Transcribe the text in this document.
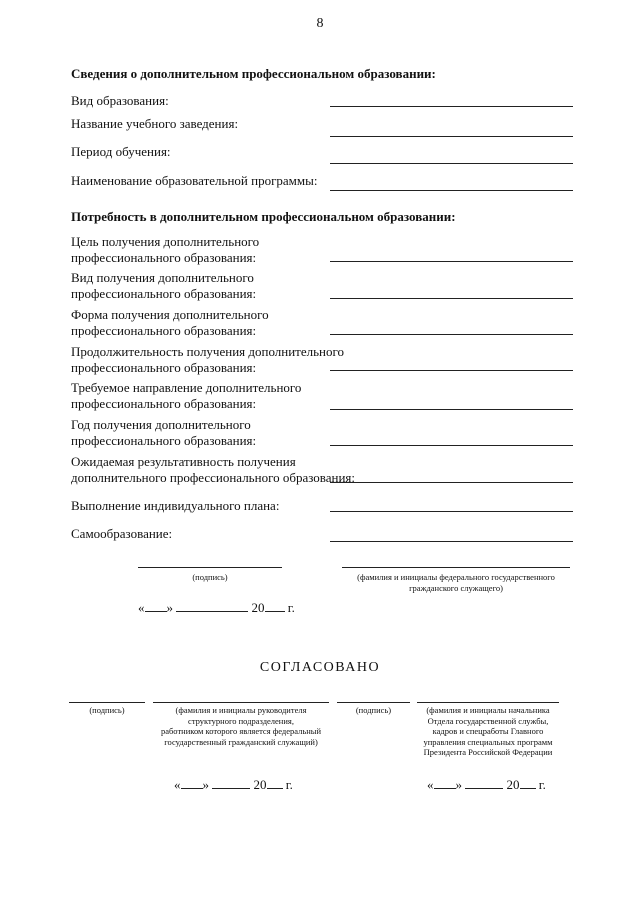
8
Сведения о дополнительном профессиональном образовании:
Вид образования:
Название учебного заведения:
Период обучения:
Наименование образовательной программы:
Потребность в дополнительном профессиональном образовании:
Цель получения дополнительного
профессионального образования:
Вид получения дополнительного
профессионального образования:
Форма получения дополнительного
профессионального образования:
Продолжительность получения дополнительного
профессионального образования:
Требуемое направление дополнительного
профессионального образования:
Год получения дополнительного
профессионального образования:
Ожидаемая результативность получения
дополнительного профессионального образования:
Выполнение индивидуального плана:
Самообразование:
(подпись)	(фамилия и инициалы федерального государственного
гражданского служащего)
« »	20 г.
СОГЛАСОВАНО
(подпись)	(фамилия и инициалы руководителя
структурного подразделения,
работником которого является федеральный
государственный гражданский служащий)
(подпись)	(фамилия и инициалы начальника
Отдела государственной службы,
кадров и спецработы Главного
управления специальных программ
Президента Российской Федерации
« »	20 г.	« »	20 г.
